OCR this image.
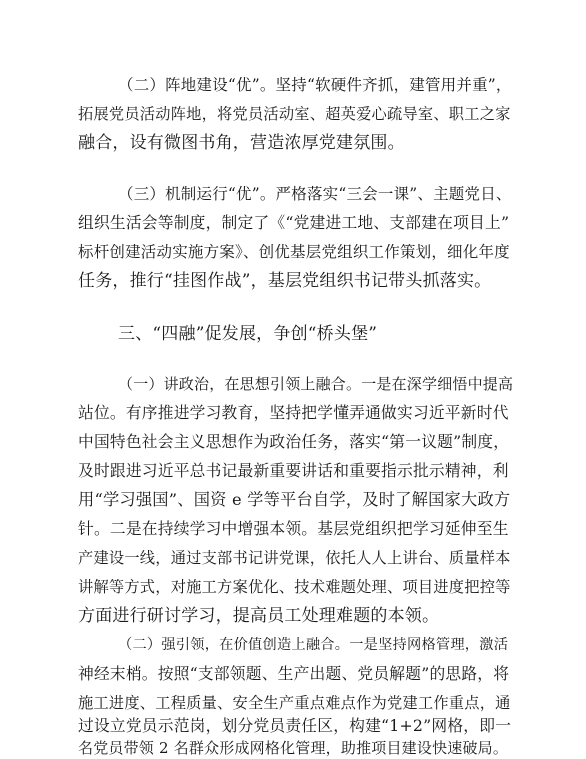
（二）阵地建设“优”。坚持“软硬件齐抓，建管用并重”，
拓展党员活动阵地，将党员活动室、超英爱心疏导室、职工之家
融合，设有微图书角，营造浓厚党建氛围。
（三）机制运行“优”。严格落实“三会一课”、主题党日、
组织生活会等制度，制定了《“党建进工地、支部建在项目上”
标杆创建活动实施方案》、创优基层党组织工作策划，细化年度
任务，推行“挂图作战”，基层党组织书记带头抓落实。
三、“四融”促发展，争创“桥头堡”
（一）讲政治，在思想引领上融合。一是在深学细悟中提高
站位。有序推进学习教育，坚持把学懂弄通做实习近平新时代
中国特色社会主义思想作为政治任务，落实“第一议题”制度，
及时跟进习近平总书记最新重要讲话和重要指示批示精神，利
用“学习强国”、国资 e 学等平台自学，及时了解国家大政方
针。二是在持续学习中增强本领。基层党组织把学习延伸至生
产建设一线，通过支部书记讲党课，依托人人上讲台、质量样本
讲解等方式，对施工方案优化、技术难题处理、项目进度把控等
方面进行研讨学习，提高员工处理难题的本领。
（二）强引领，在价值创造上融合。一是坚持网格管理，激活
神经末梢。按照“支部领题、生产出题、党员解题”的思路，将
施工进度、工程质量、安全生产重点难点作为党建工作重点，通
过设立党员示范岗，划分党员责任区，构建“1+2”网格，即一
名党员带领 2 名群众形成网格化管理，助推项目建设快速破局。
